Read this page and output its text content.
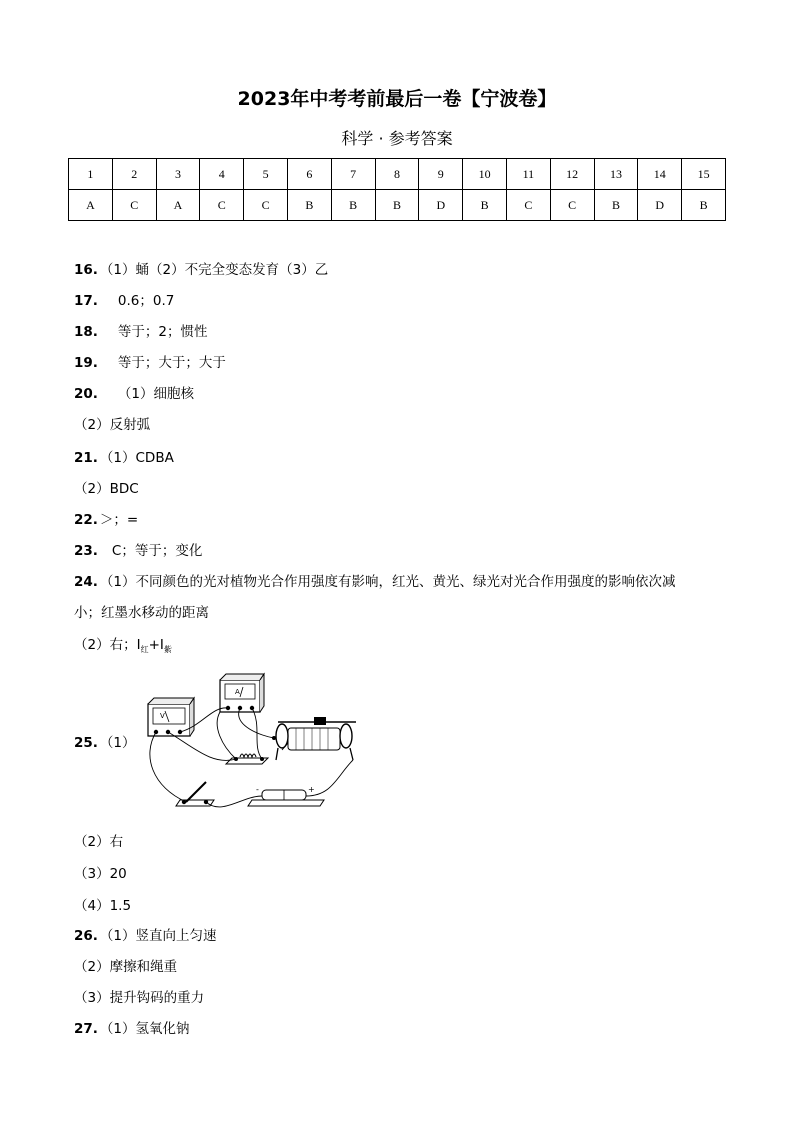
2023年中考考前最后一卷【宁波卷】
科学 · 参考答案
1	2	3	4	5	6	7	8	9	10	11	12	13	14	15
A	C	A	C	C	B	B	B	D	B	C	C	B	D	B
16. （1）蛹（2）不完全变态发育（3）乙
17. 0.6；0.7
18. 等于；2；惯性
19. 等于；大于；大于
20. （1）细胞核
（2）反射弧
21. （1）CDBA
（2）BDC
22. ＞；=
23. C；等于；变化
24. （1）不同颜色的光对植物光合作用强度有影响，红光、黄光、绿光对光合作用强度的影响依次减
小；红墨水移动的距离
（2）右；$I_红+I_紫$
25. （1）
V
A
-	+
（2）右
（3）20
（4）1.5
26. （1）竖直向上匀速
（2）摩擦和绳重
（3）提升钩码的重力
27. （1）氢氧化钠
